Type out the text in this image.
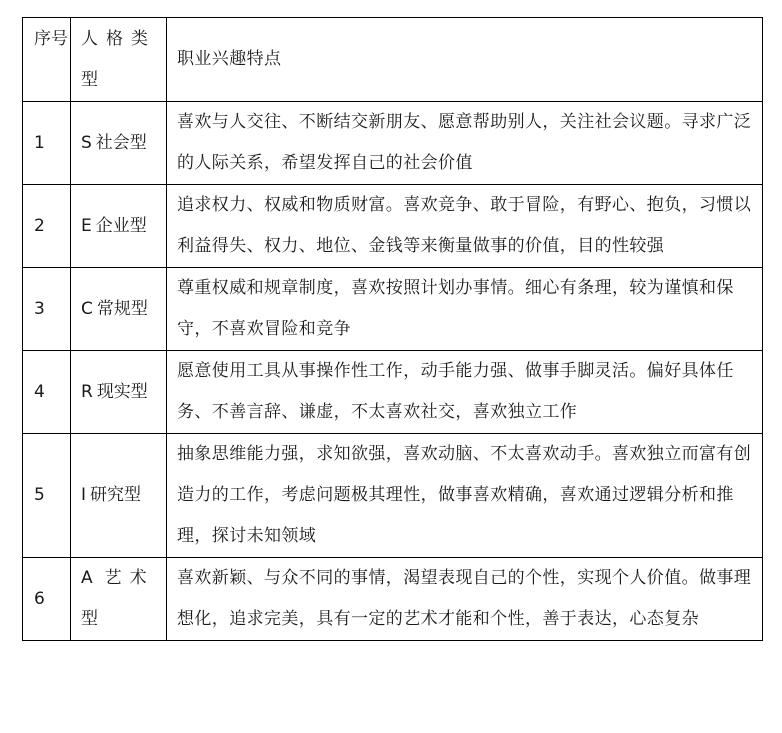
序号	人格类型	职业兴趣特点
1	S 社会型	喜欢与人交往、不断结交新朋友、愿意帮助别人，关注社会议题。寻求广泛的人际关系，希望发挥自己的社会价值
2	E 企业型	追求权力、权威和物质财富。喜欢竞争、敢于冒险，有野心、抱负，习惯以利益得失、权力、地位、金钱等来衡量做事的价值，目的性较强
3	C 常规型	尊重权威和规章制度，喜欢按照计划办事情。细心有条理，较为谨慎和保守，不喜欢冒险和竞争
4	R 现实型	愿意使用工具从事操作性工作，动手能力强、做事手脚灵活。偏好具体任务、不善言辞、谦虚，不太喜欢社交，喜欢独立工作
5	I 研究型	抽象思维能力强，求知欲强，喜欢动脑、不太喜欢动手。喜欢独立而富有创造力的工作，考虑问题极其理性，做事喜欢精确，喜欢通过逻辑分析和推理，探讨未知领域
6	A 艺术型	喜欢新颖、与众不同的事情，渴望表现自己的个性，实现个人价值。做事理想化，追求完美，具有一定的艺术才能和个性，善于表达，心态复杂
